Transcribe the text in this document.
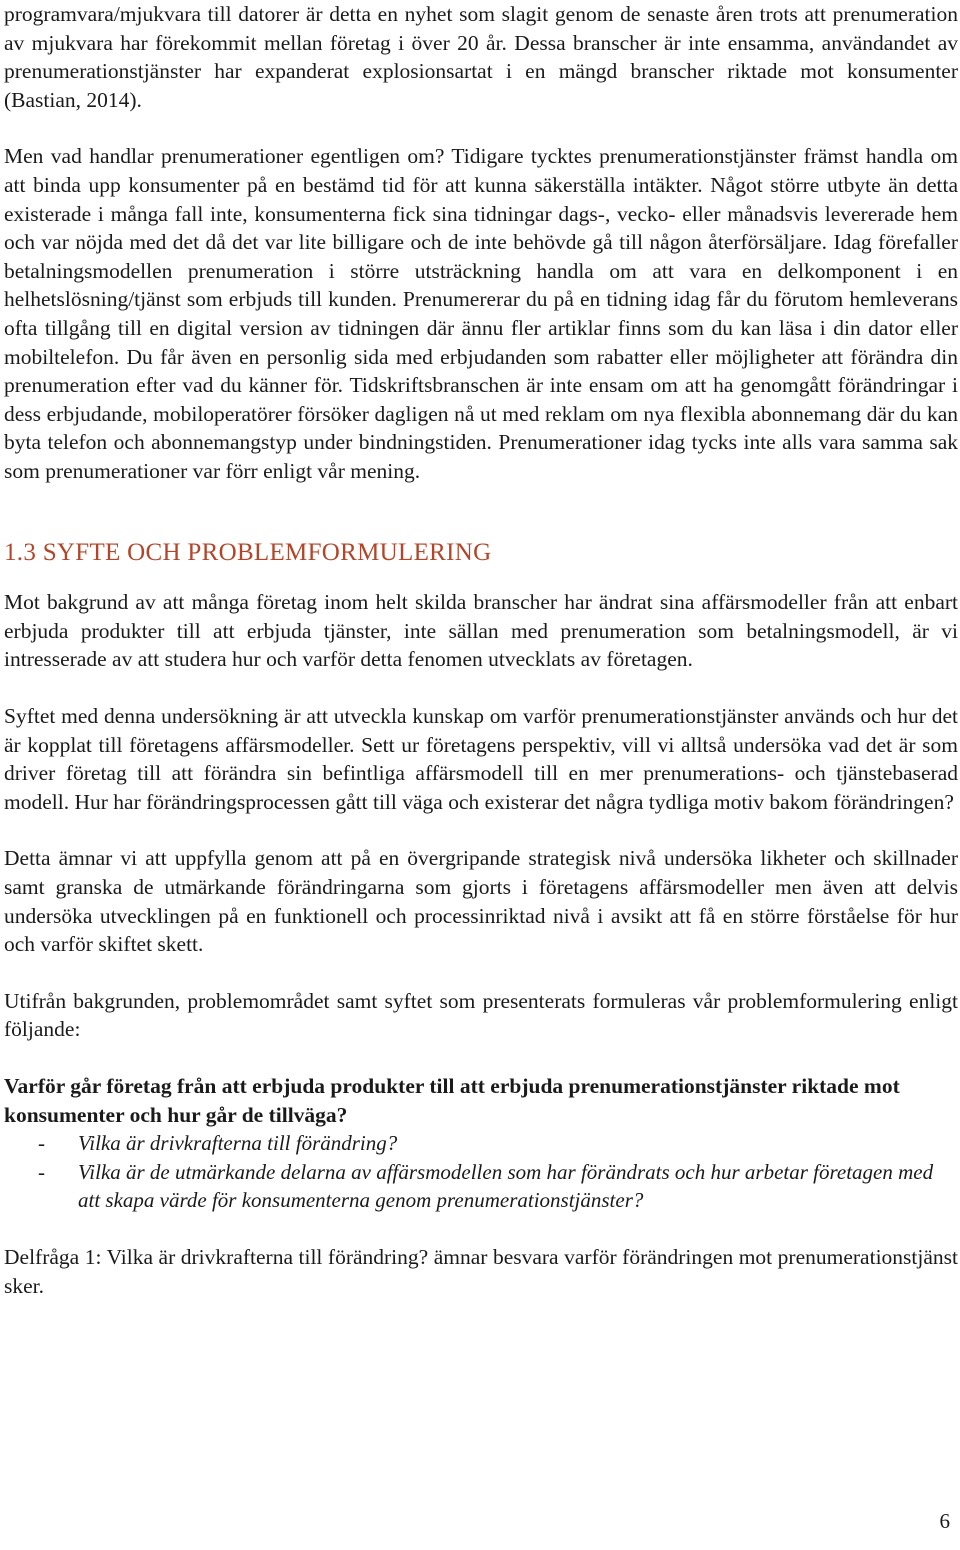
programvara/mjukvara till datorer är detta en nyhet som slagit genom de senaste åren trots att prenumeration av mjukvara har förekommit mellan företag i över 20 år. Dessa branscher är inte ensamma, användandet av prenumerationstjänster har expanderat explosionsartat i en mängd branscher riktade mot konsumenter (Bastian, 2014).

Men vad handlar prenumerationer egentligen om? Tidigare tycktes prenumerationstjänster främst handla om att binda upp konsumenter på en bestämd tid för att kunna säkerställa intäkter. Något större utbyte än detta existerade i många fall inte, konsumenterna fick sina tidningar dags-, vecko- eller månadsvis levererade hem och var nöjda med det då det var lite billigare och de inte behövde gå till någon återförsäljare. Idag förefaller betalningsmodellen prenumeration i större utsträckning handla om att vara en delkomponent i en helhetslösning/tjänst som erbjuds till kunden. Prenumererar du på en tidning idag får du förutom hemleverans ofta tillgång till en digital version av tidningen där ännu fler artiklar finns som du kan läsa i din dator eller mobiltelefon. Du får även en personlig sida med erbjudanden som rabatter eller möjligheter att förändra din prenumeration efter vad du känner för. Tidskriftsbranschen är inte ensam om att ha genomgått förändringar i dess erbjudande, mobiloperatörer försöker dagligen nå ut med reklam om nya flexibla abonnemang där du kan byta telefon och abonnemangstyp under bindningstiden. Prenumerationer idag tycks inte alls vara samma sak som prenumerationer var förr enligt vår mening.

1.3 SYFTE OCH PROBLEMFORMULERING

Mot bakgrund av att många företag inom helt skilda branscher har ändrat sina affärsmodeller från att enbart erbjuda produkter till att erbjuda tjänster, inte sällan med prenumeration som betalningsmodell, är vi intresserade av att studera hur och varför detta fenomen utvecklats av företagen.

Syftet med denna undersökning är att utveckla kunskap om varför prenumerationstjänster används och hur det är kopplat till företagens affärsmodeller. Sett ur företagens perspektiv, vill vi alltså undersöka vad det är som driver företag till att förändra sin befintliga affärsmodell till en mer prenumerations- och tjänstebaserad modell. Hur har förändringsprocessen gått till väga och existerar det några tydliga motiv bakom förändringen?

Detta ämnar vi att uppfylla genom att på en övergripande strategisk nivå undersöka likheter och skillnader samt granska de utmärkande förändringarna som gjorts i företagens affärsmodeller men även att delvis undersöka utvecklingen på en funktionell och processinriktad nivå i avsikt att få en större förståelse för hur och varför skiftet skett.

Utifrån bakgrunden, problemområdet samt syftet som presenterats formuleras vår problemformulering enligt följande:

Varför går företag från att erbjuda produkter till att erbjuda prenumerationstjänster riktade mot konsumenter och hur går de tillväga?

- Vilka är drivkrafterna till förändring?
- Vilka är de utmärkande delarna av affärsmodellen som har förändrats och hur arbetar företagen med att skapa värde för konsumenterna genom prenumerationstjänster?

Delfråga 1: Vilka är drivkrafterna till förändring? ämnar besvara varför förändringen mot prenumerationstjänst sker.

6
